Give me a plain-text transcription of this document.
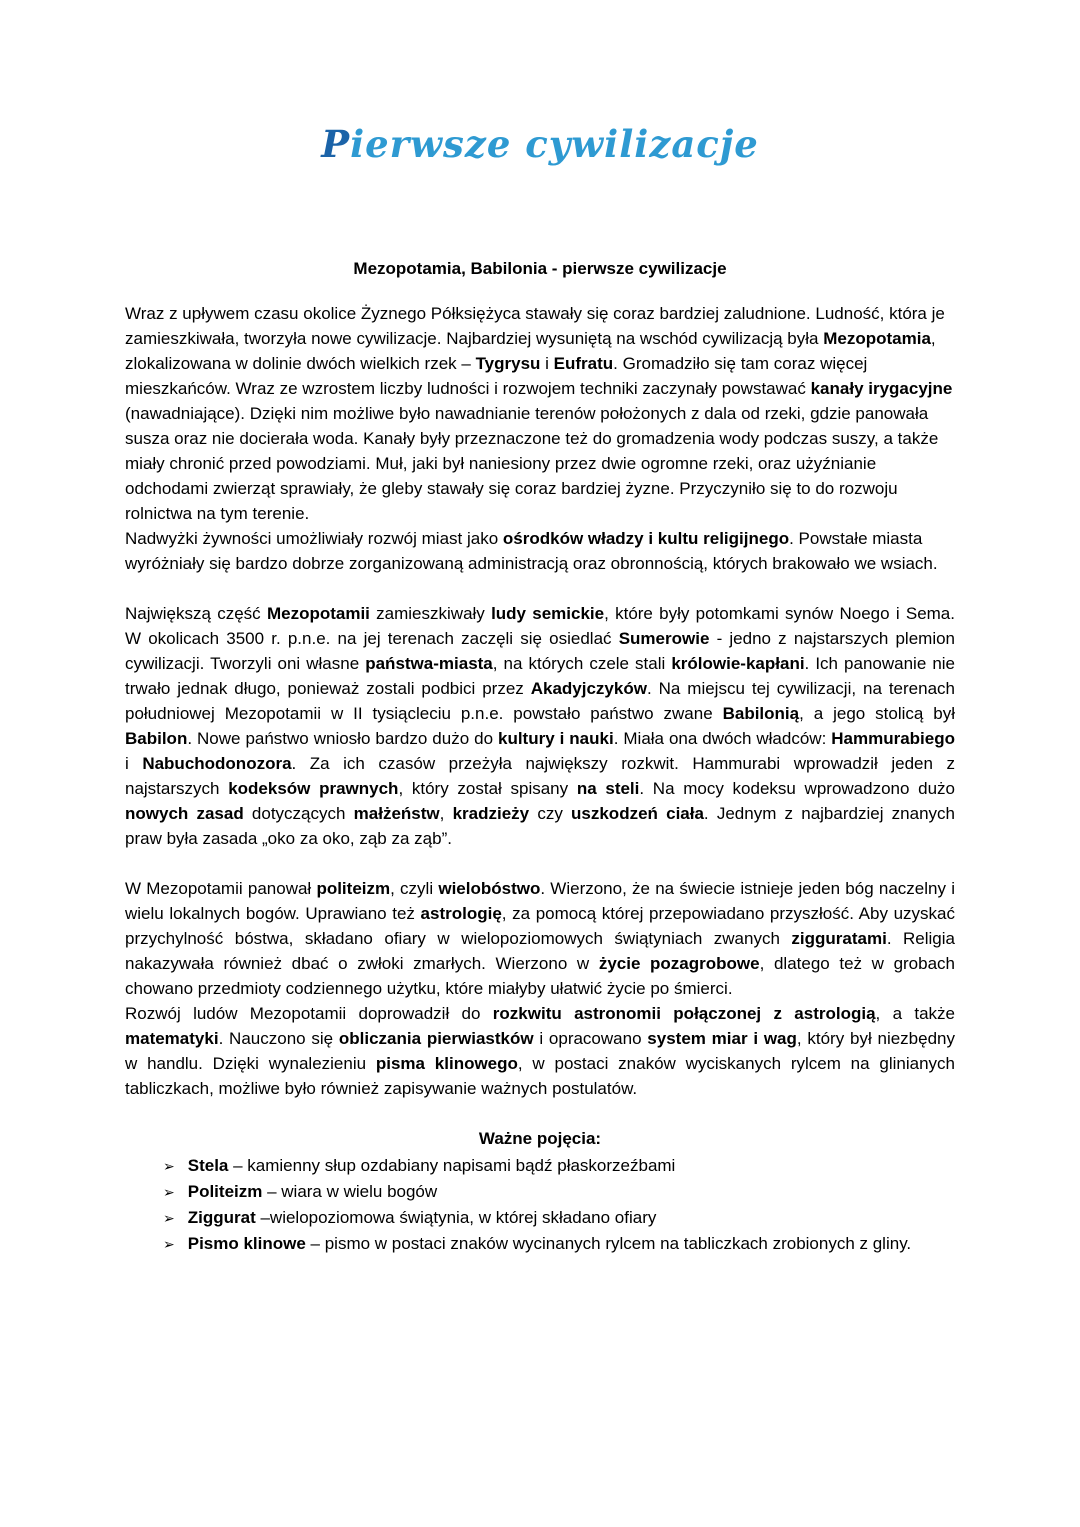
Pierwsze cywilizacje
Mezopotamia, Babilonia - pierwsze cywilizacje

Wraz z upływem czasu okolice Żyznego Półksiężyca stawały się coraz bardziej zaludnione. Ludność, która je zamieszkiwała, tworzyła nowe cywilizacje. Najbardziej wysuniętą na wschód cywilizacją była Mezopotamia, zlokalizowana w dolinie dwóch wielkich rzek – Tygrysu i Eufratu. Gromadziło się tam coraz więcej mieszkańców. Wraz ze wzrostem liczby ludności i rozwojem techniki zaczynały powstawać kanały irygacyjne
(nawadniające). Dzięki nim możliwe było nawadnianie terenów położonych z dala od rzeki, gdzie panowała susza oraz nie docierała woda. Kanały były przeznaczone też do gromadzenia wody podczas suszy, a także miały chronić przed powodziami. Muł, jaki był naniesiony przez dwie ogromne rzeki, oraz użyźnianie odchodami zwierząt sprawiały, że gleby stawały się coraz bardziej żyzne. Przyczyniło się to do rozwoju rolnictwa na tym terenie.
Nadwyżki żywności umożliwiały rozwój miast jako ośrodków władzy i kultu religijnego. Powstałe miasta wyróżniały się bardzo dobrze zorganizowaną administracją oraz obronnością, których brakowało we wsiach.

Największą część Mezopotamii zamieszkiwały ludy semickie, które były potomkami synów Noego i Sema. W okolicach 3500 r. p.n.e. na jej terenach zaczęli się osiedlać Sumerowie - jedno z najstarszych plemion cywilizacji. Tworzyli oni własne państwa-miasta, na których czele stali królowie-kapłani. Ich panowanie nie trwało jednak długo, ponieważ zostali podbici przez Akadyjczyków. Na miejscu tej cywilizacji, na terenach południowej Mezopotamii w II tysiącleciu p.n.e. powstało państwo zwane Babilonią, a jego stolicą był Babilon. Nowe państwo wniosło bardzo dużo do kultury i nauki. Miała ona dwóch władców: Hammurabiego i Nabuchodonozora. Za ich czasów przeżyła największy rozkwit. Hammurabi wprowadził jeden z najstarszych kodeksów prawnych, który został spisany na steli. Na mocy kodeksu wprowadzono dużo nowych zasad dotyczących małżeństw, kradzieży czy uszkodzeń ciała. Jednym z najbardziej znanych praw była zasada „oko za oko, ząb za ząb”.

W Mezopotamii panował politeizm, czyli wielobóstwo. Wierzono, że na świecie istnieje jeden bóg naczelny i wielu lokalnych bogów. Uprawiano też astrologię, za pomocą której przepowiadano przyszłość. Aby uzyskać przychylność bóstwa, składano ofiary w wielopoziomowych świątyniach zwanych zigguratami. Religia nakazywała również dbać o zwłoki zmarłych. Wierzono w życie pozagrobowe, dlatego też w grobach chowano przedmioty codziennego użytku, które miałyby ułatwić życie po śmierci.
Rozwój ludów Mezopotamii doprowadził do rozkwitu astronomii połączonej z astrologią, a także matematyki. Nauczono się obliczania pierwiastków i opracowano system miar i wag, który był niezbędny w handlu. Dzięki wynalezieniu pisma klinowego, w postaci znaków wyciskanych rylcem na glinianych tabliczkach, możliwe było również zapisywanie ważnych postulatów.

Ważne pojęcia:
➢ Stela – kamienny słup ozdabiany napisami bądź płaskorzeźbami
➢ Politeizm – wiara w wielu bogów
➢ Ziggurat –wielopoziomowa świątynia, w której składano ofiary
➢ Pismo klinowe – pismo w postaci znaków wycinanych rylcem na tabliczkach zrobionych z gliny.
